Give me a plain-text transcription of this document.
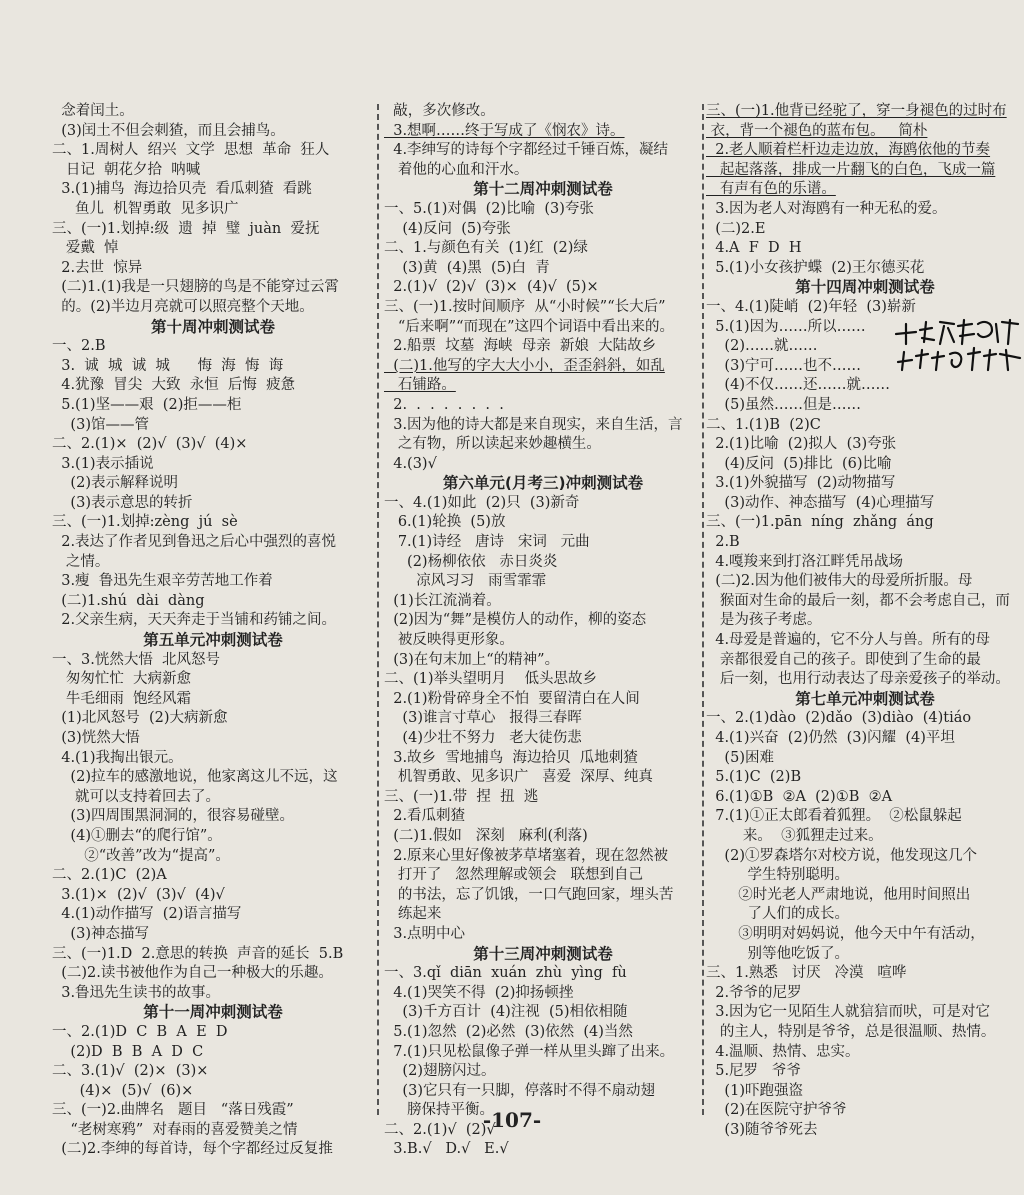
念着闰土。
(3)闰土不但会刺猹，而且会捕鸟。
二、1.周树人  绍兴  文学  思想  革命  狂人
日记  朝花夕拾  呐喊
3.(1)捕鸟  海边拾贝壳  看瓜刺猹  看跳
鱼儿  机智勇敢  见多识广
三、(一)1.划掉:级  遗  掉  璧  juàn  爱抚
爱戴  悼
2.去世  惊异
(二)1.(1)我是一只翅膀的鸟是不能穿过云霄
的。(2)半边月亮就可以照亮整个天地。
第十周冲刺测试卷
一、2.B
3.  诚  城  诚  城      悔  海  悔  诲
4.犹豫  冒尖  大致  永恒  后悔  疲惫
5.(1)坚——艰  (2)拒——柜
(3)馆——管
二、2.(1)×  (2)√  (3)√  (4)×
3.(1)表示插说
(2)表示解释说明
(3)表示意思的转折
三、(一)1.划掉:zèng  jú  sè
2.表达了作者见到鲁迅之后心中强烈的喜悦
之情。
3.瘦  鲁迅先生艰辛劳苦地工作着
(二)1.shú  dài  dàng
2.父亲生病，天天奔走于当铺和药铺之间。
第五单元冲刺测试卷
一、3.恍然大悟  北风怒号
匆匆忙忙  大病新愈
牛毛细雨  饱经风霜
(1)北风怒号  (2)大病新愈
(3)恍然大悟
4.(1)我掏出银元。
(2)拉车的感激地说，他家离这儿不远，这
就可以支持着回去了。
(3)四周围黑洞洞的，很容易碰壁。
(4)①删去“的爬行馆”。
②“改善”改为“提高”。
二、2.(1)C  (2)A
3.(1)×  (2)√  (3)√  (4)√
4.(1)动作描写  (2)语言描写
(3)神态描写
三、(一)1.D  2.意思的转换  声音的延长  5.B
(二)2.读书被他作为自己一种极大的乐趣。
3.鲁迅先生读书的故事。
第十一周冲刺测试卷
一、2.(1)D  C  B  A  E  D
(2)D  B  B  A  D  C
二、3.(1)√  (2)×  (3)×
(4)×  (5)√  (6)×
三、(一)2.曲牌名   题目   “落日残霞”
“老树寒鸦”  对春雨的喜爱赞美之情
(二)2.李绅的每首诗，每个字都经过反复推
敲，多次修改。
3.想啊……终于写成了《悯农》诗。
4.李绅写的诗每个字都经过千锤百炼，凝结
着他的心血和汗水。
第十二周冲刺测试卷
一、5.(1)对偶  (2)比喻  (3)夸张
(4)反问  (5)夸张
二、1.与颜色有关  (1)红  (2)绿
(3)黄  (4)黑  (5)白  青
2.(1)√  (2)√  (3)×  (4)√  (5)×
三、(一)1.按时间顺序  从“小时候”“长大后”
“后来啊”“而现在”这四个词语中看出来的。
2.船票  坟墓  海峡  母亲  新娘  大陆故乡
(二)1.他写的字大大小小，歪歪斜斜，如乱
石铺路。
2.  .  .  .  .  .  .  .
3.因为他的诗大都是来自现实，来自生活，言
之有物，所以读起来妙趣横生。
4.(3)√
第六单元(月考三)冲刺测试卷
一、4.(1)如此  (2)只  (3)新奇
6.(1)轮换  (5)放
7.(1)诗经   唐诗   宋词   元曲
(2)杨柳依依   赤日炎炎
凉风习习   雨雪霏霏
(1)长江流淌着。
(2)因为“舞”是模仿人的动作，柳的姿态
被反映得更形象。
(3)在句末加上“的精神”。
二、(1)举头望明月    低头思故乡
2.(1)粉骨碎身全不怕  要留清白在人间
(3)谁言寸草心   报得三春晖
(4)少壮不努力   老大徒伤悲
3.故乡  雪地捕鸟  海边拾贝  瓜地刺猹
机智勇敢、见多识广   喜爱  深厚、纯真
三、(一)1.带  捏  扭  逃
2.看瓜刺猹
(二)1.假如   深刻   麻利(利落)
2.原来心里好像被茅草堵塞着，现在忽然被
打开了   忽然理解或领会   联想到自己
的书法，忘了饥饿，一口气跑回家，埋头苦
练起来
3.点明中心
第十三周冲刺测试卷
一、3.qǐ  diān  xuán  zhù  yìng  fù
4.(1)哭笑不得  (2)抑扬顿挫
(3)千方百计  (4)注视  (5)相依相随
5.(1)忽然  (2)必然  (3)依然  (4)当然
7.(1)只见松鼠像子弹一样从里头蹿了出来。
(2)翅膀闪过。
(3)它只有一只脚，停落时不得不扇动翅
膀保持平衡。
二、2.(1)√  (2)√
3.B.√   D.√   E.√
三、(一)1.他背已经驼了，穿一身褪色的过时布
衣，背一个褪色的蓝布包。   简朴
2.老人顺着栏杆边走边放，海鸥依他的节奏
起起落落，排成一片翻飞的白色，飞成一篇
有声有色的乐谱。
3.因为老人对海鸥有一种无私的爱。
(二)2.E
4.A  F  D  H
5.(1)小女孩护蝶  (2)王尔德买花
第十四周冲刺测试卷
一、4.(1)陡峭  (2)年轻  (3)崭新
5.(1)因为……所以……
(2)……就……
(3)宁可……也不……
(4)不仅……还……就……
(5)虽然……但是……
二、1.(1)B  (2)C
2.(1)比喻  (2)拟人  (3)夸张
(4)反问  (5)排比  (6)比喻
3.(1)外貌描写  (2)动物描写
(3)动作、神态描写  (4)心理描写
三、(一)1.pān  níng  zhǎng  áng
2.B
4.嘎羧来到打洛江畔凭吊战场
(二)2.因为他们被伟大的母爱所折服。母
猴面对生命的最后一刻，都不会考虑自己，而
是为孩子考虑。
4.母爱是普遍的，它不分人与兽。所有的母
亲都很爱自己的孩子。即使到了生命的最
后一刻，也用行动表达了母亲爱孩子的举动。
第七单元冲刺测试卷
一、2.(1)dào  (2)dǎo  (3)diào  (4)tiáo
4.(1)兴奋  (2)仍然  (3)闪耀  (4)平坦
(5)困难
5.(1)C  (2)B
6.(1)①B  ②A  (2)①B  ②A
7.(1)①正太郎看着狐狸。  ②松鼠躲起
来。  ③狐狸走过来。
(2)①罗森塔尔对校方说，他发现这几个
学生特别聪明。
②时光老人严肃地说，他用时间照出
了人们的成长。
③明明对妈妈说，他今天中午有活动，
别等他吃饭了。
三、1.熟悉   讨厌   冷漠   喧哗
2.爷爷的尼罗
3.因为它一见陌生人就狺狺而吠，可是对它
的主人，特别是爷爷，总是很温顺、热情。
4.温顺、热情、忠实。
5.尼罗   爷爷
(1)吓跑强盗
(2)在医院守护爷爷
(3)随爷爷死去
-107-
